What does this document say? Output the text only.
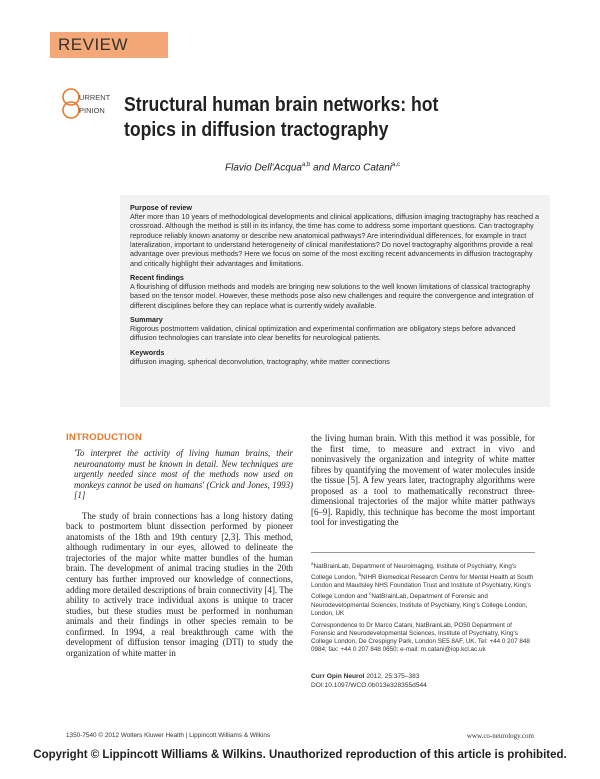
REVIEW
URRENT
PINION Structural human brain networks: hot topics in diffusion tractography
Flavio Dell'Acqua$^{a,b}$ and Marco Catani$^{a,c}$
Purpose of review

After more than 10 years of methodological developments and clinical applications, diffusion imaging tractography has reached a crossroad. Although the method is still in its infancy, the time has come to address some important questions. Can tractography reproduce reliably known anatomy or describe new anatomical pathways? Are interindividual differences, for example in tract lateralization, important to understand heterogeneity of clinical manifestations? Do novel tractography algorithms provide a real advantage over previous methods? Here we focus on some of the most exciting recent advancements in diffusion tractography and critically highlight their advantages and limitations.

Recent findings

A flourishing of diffusion methods and models are bringing new solutions to the well known limitations of classical tractography based on the tensor model. However, these methods pose also new challenges and require the convergence and integration of different disciplines before they can replace what is currently widely available.

Summary

Rigorous postmortem validation, clinical optimization and experimental confirmation are obligatory steps before advanced diffusion technologies can translate into clear benefits for neurological patients.

Keywords

diffusion imaging, spherical deconvolution, tractography, white matter connections

INTRODUCTION

'To interpret the activity of living human brains, their neuroanatomy must be known in detail. New techniques are urgently needed since most of the methods now used on monkeys cannot be used on humans' (Crick and Jones, 1993) [1]

The study of brain connections has a long history dating back to postmortem blunt dissection performed by pioneer anatomists of the 18th and 19th century [2,3]. This method, although rudimentary in our eyes, allowed to delineate the trajectories of the major white matter bundles of the human brain. The development of animal tracing studies in the 20th century has further improved our knowledge of connections, adding more detailed descriptions of brain connectivity [4]. The ability to actively trace individual axons is unique to tracer studies, but these studies must be performed in nonhuman animals and their findings in other species remain to be confirmed. In 1994, a real breakthrough came with the development of diffusion tensor imaging (DTI) to study the organization of white matter in

the living human brain. With this method it was possible, for the first time, to measure and extract in vivo and noninvasively the organization and integrity of white matter fibres by quantifying the movement of water molecules inside the tissue [5]. A few years later, tractography algorithms were proposed as a tool to mathematically reconstruct three-dimensional trajectories of the major white matter pathways [6–9]. Rapidly, this technique has become the most important tool for investigating the

$^a$NatBrainLab, Department of Neuroimaging, Institute of Psychiatry, King's College London, $^b$NIHR Biomedical Research Centre for Mental Health at South London and Maudsley NHS Foundation Trust and Institute of Psychiatry, King's College London and $^c$NatBrainLab, Department of Forensic and Neurodevelopmental Sciences, Institute of Psychiatry, King's College London, London, UK

Correspondence to Dr Marco Catani, NatBrainLab, PO50 Department of Forensic and Neurodevelopmental Sciences, Institute of Psychiatry, King's College London, De Crespigny Park, London SE5 8AF, UK. Tel: +44 0 207 848 0984; fax: +44 0 207 848 0650; e-mail: m.catani@iop.kcl.ac.uk

Curr Opin Neurol 2012, 25:375–383
DOI:10.1097/WCO.0b013e328355d544
1350-7540 © 2012 Wolters Kluwer Health | Lippincott Williams & Wilkins	www.co-neurology.com
Copyright © Lippincott Williams & Wilkins. Unauthorized reproduction of this article is prohibited.
